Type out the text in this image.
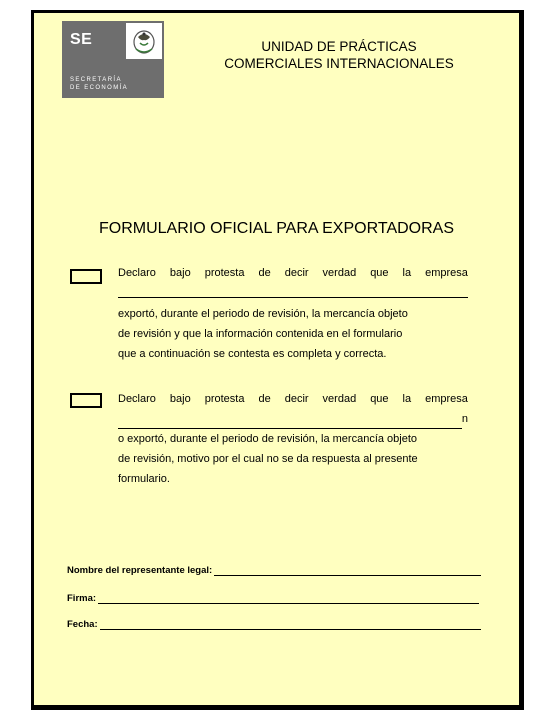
SE
SECRETARÍA
DE ECONOMÍA
UNIDAD DE PRÁCTICAS
COMERCIALES INTERNACIONALES
FORMULARIO OFICIAL PARA EXPORTADORAS
Declaro bajo protesta de decir verdad que la empresa

exportó, durante el periodo de revisión, la mercancía objeto

de revisión y que la información contenida en el formulario

que a continuación se contesta es completa y correcta.

Declaro bajo protesta de decir verdad que la empresa
n

o exportó, durante el periodo de revisión, la mercancía objeto

de revisión, motivo por el cual no se da respuesta al presente

formulario.

Nombre del representante legal:
Firma:
Fecha:
